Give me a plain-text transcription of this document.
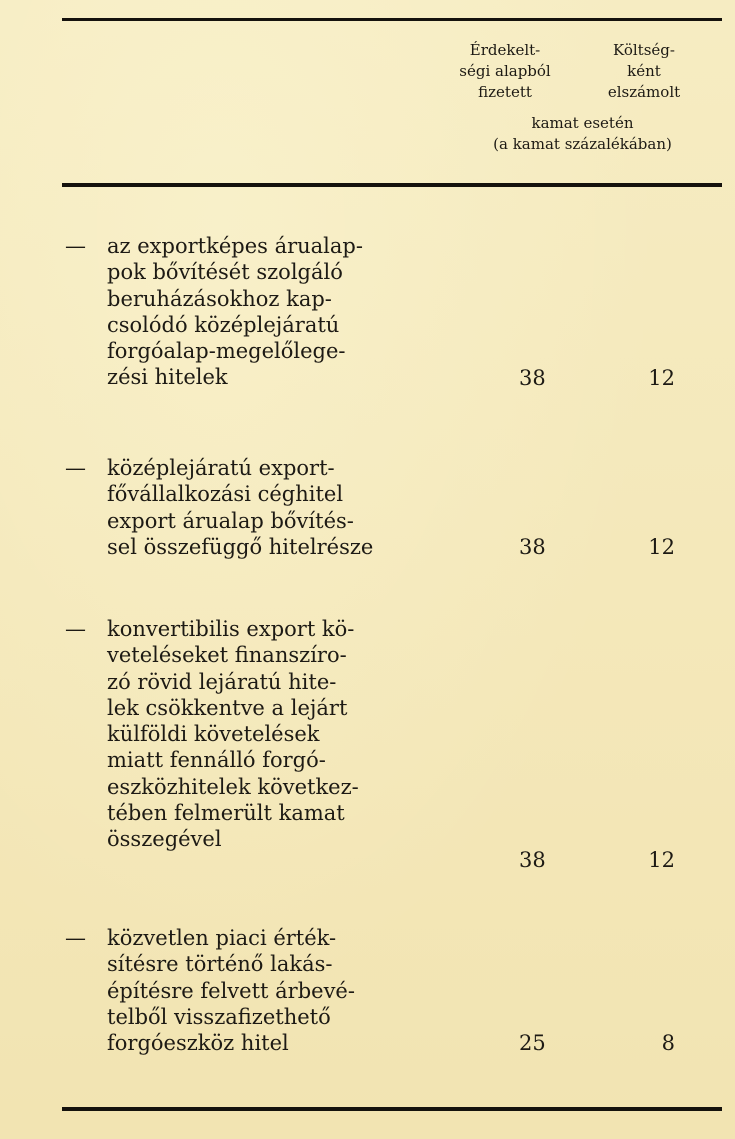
Érdekelt-
ségi alapból
fizetett
Költség-
ként
elszámolt
kamat esetén
(a kamat százalékában)
—	az exportképes árualap-
pok bővítését szolgáló
beruházásokhoz kap-
csolódó középlejáratú
forgóalap-megelőlege-
zési hitelek	38	12
—	középlejáratú export-
fővállalkozási céghitel
export árualap bővítés-
sel összefüggő hitelrésze	38	12
—	konvertibilis export kö-
veteléseket finanszíro-
zó rövid lejáratú hite-
lek csökkentve a lejárt
külföldi követelések
miatt fennálló forgó-
eszközhitelek következ-
tében felmerült kamat
összegével
38	12
—	közvetlen piaci érték-
sítésre történő lakás-
építésre felvett árbevé-
telből visszafizethető
forgóeszköz hitel	25	8
